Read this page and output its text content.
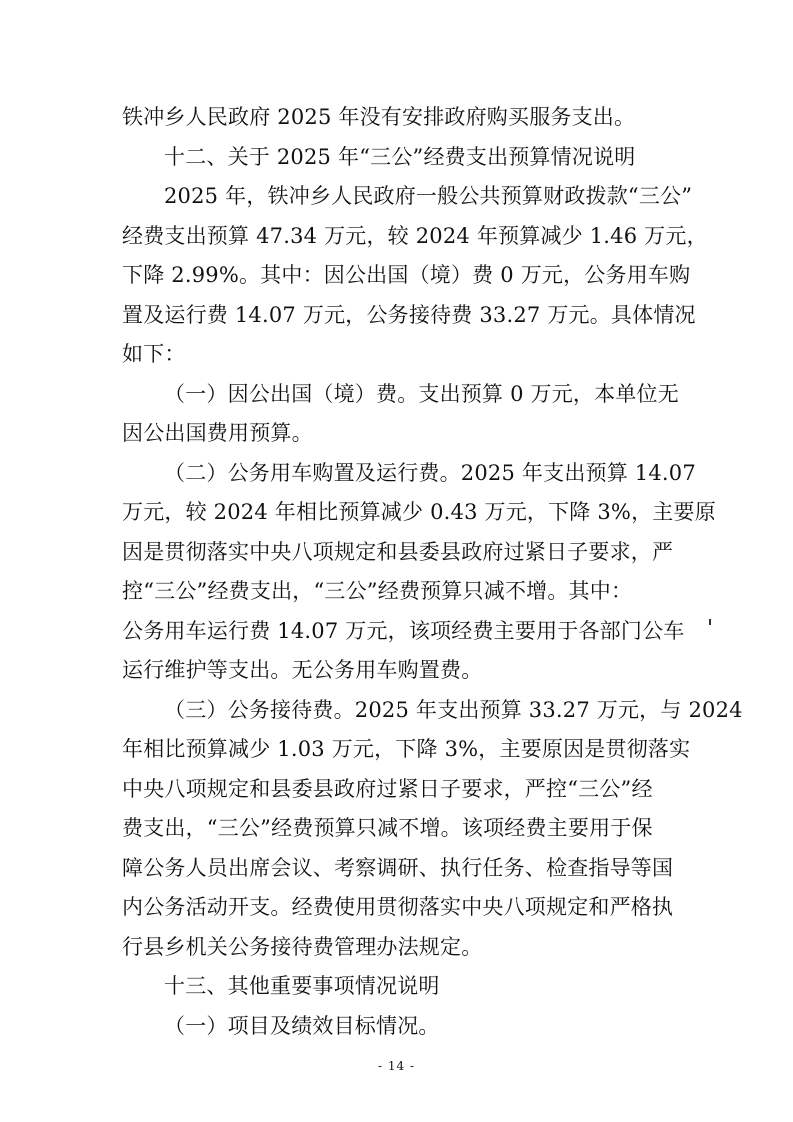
铁冲乡人民政府 2025 年没有安排政府购买服务支出。
十二、关于 2025 年“三公”经费支出预算情况说明
2025 年，铁冲乡人民政府一般公共预算财政拨款“三公”
经费支出预算 47.34 万元，较 2024 年预算减少 1.46 万元，
下降 2.99%。其中：因公出国（境）费 0 万元，公务用车购
置及运行费 14.07 万元，公务接待费 33.27 万元。具体情况
如下：
（一）因公出国（境）费。支出预算 0 万元，本单位无
因公出国费用预算。
（二）公务用车购置及运行费。2025 年支出预算 14.07
万元，较 2024 年相比预算减少 0.43 万元，下降 3%，主要原
因是贯彻落实中央八项规定和县委县政府过紧日子要求，严
控“三公”经费支出，“三公”经费预算只减不增。其中：
公务用车运行费 14.07 万元，该项经费主要用于各部门公车
运行维护等支出。无公务用车购置费。
（三）公务接待费。2025 年支出预算 33.27 万元，与 2024
年相比预算减少 1.03 万元，下降 3%，主要原因是贯彻落实
中央八项规定和县委县政府过紧日子要求，严控“三公”经
费支出，“三公”经费预算只减不增。该项经费主要用于保
障公务人员出席会议、考察调研、执行任务、检查指导等国
内公务活动开支。经费使用贯彻落实中央八项规定和严格执
行县乡机关公务接待费管理办法规定。
十三、其他重要事项情况说明
（一）项目及绩效目标情况。
- 14 -
